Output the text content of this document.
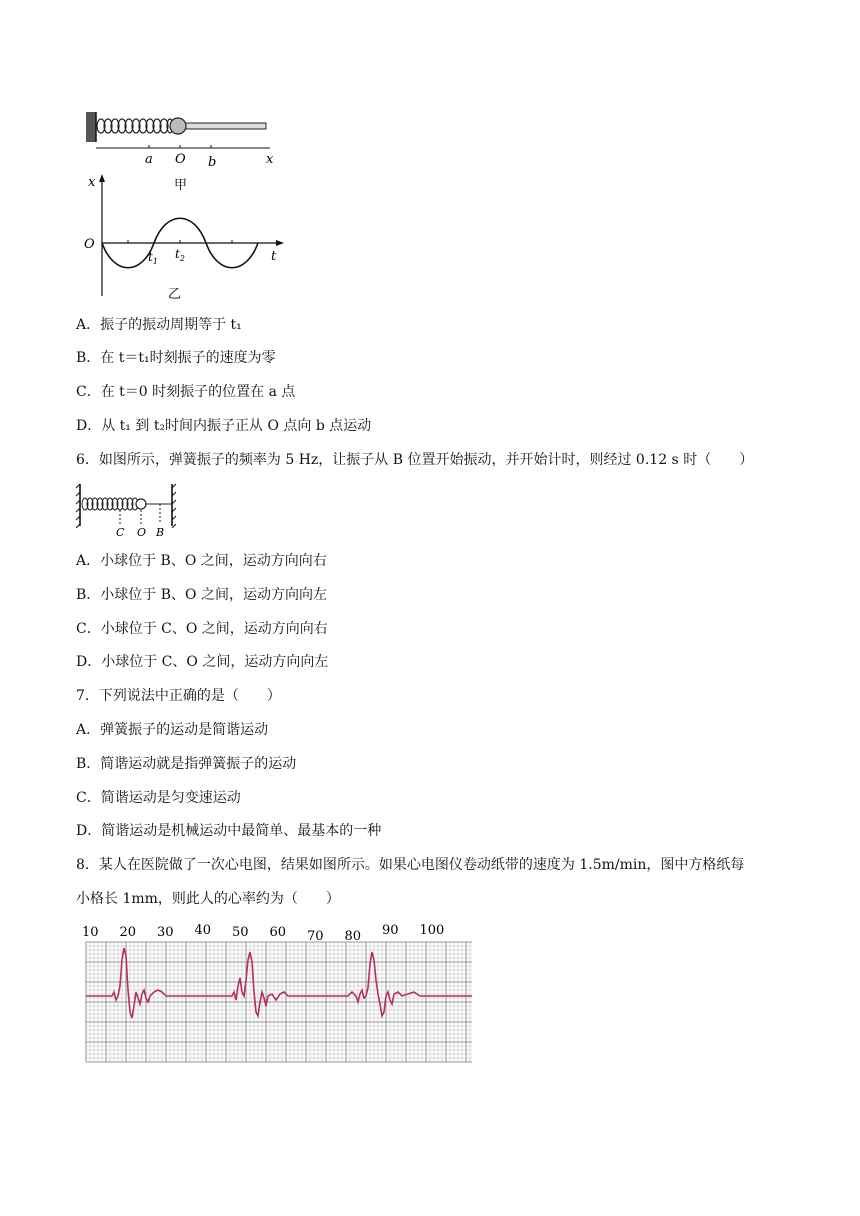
a O b	x
甲
x
O
$t_1$
$t_2$	t
乙
A．振子的振动周期等于 t₁
B．在 t＝t₁时刻振子的速度为零
C．在 t＝0 时刻振子的位置在 a 点
D．从 t₁ 到 t₂时间内振子正从 O 点向 b 点运动
6．如图所示，弹簧振子的频率为 5 Hz，让振子从 B 位置开始振动，并开始计时，则经过 0.12 s 时（　　）
C O B
A．小球位于 B、O 之间，运动方向向右
B．小球位于 B、O 之间，运动方向向左
C．小球位于 C、O 之间，运动方向向右
D．小球位于 C、O 之间，运动方向向左
7．下列说法中正确的是（　　）
A．弹簧振子的运动是简谐运动
B．简谐运动就是指弹簧振子的运动
C．简谐运动是匀变速运动
D．简谐运动是机械运动中最简单、最基本的一种
8．某人在医院做了一次心电图，结果如图所示。如果心电图仪卷动纸带的速度为 1.5m/min，图中方格纸每
小格长 1mm，则此人的心率约为（　　）
10 20 30 40 50 60 70 80 90 100
